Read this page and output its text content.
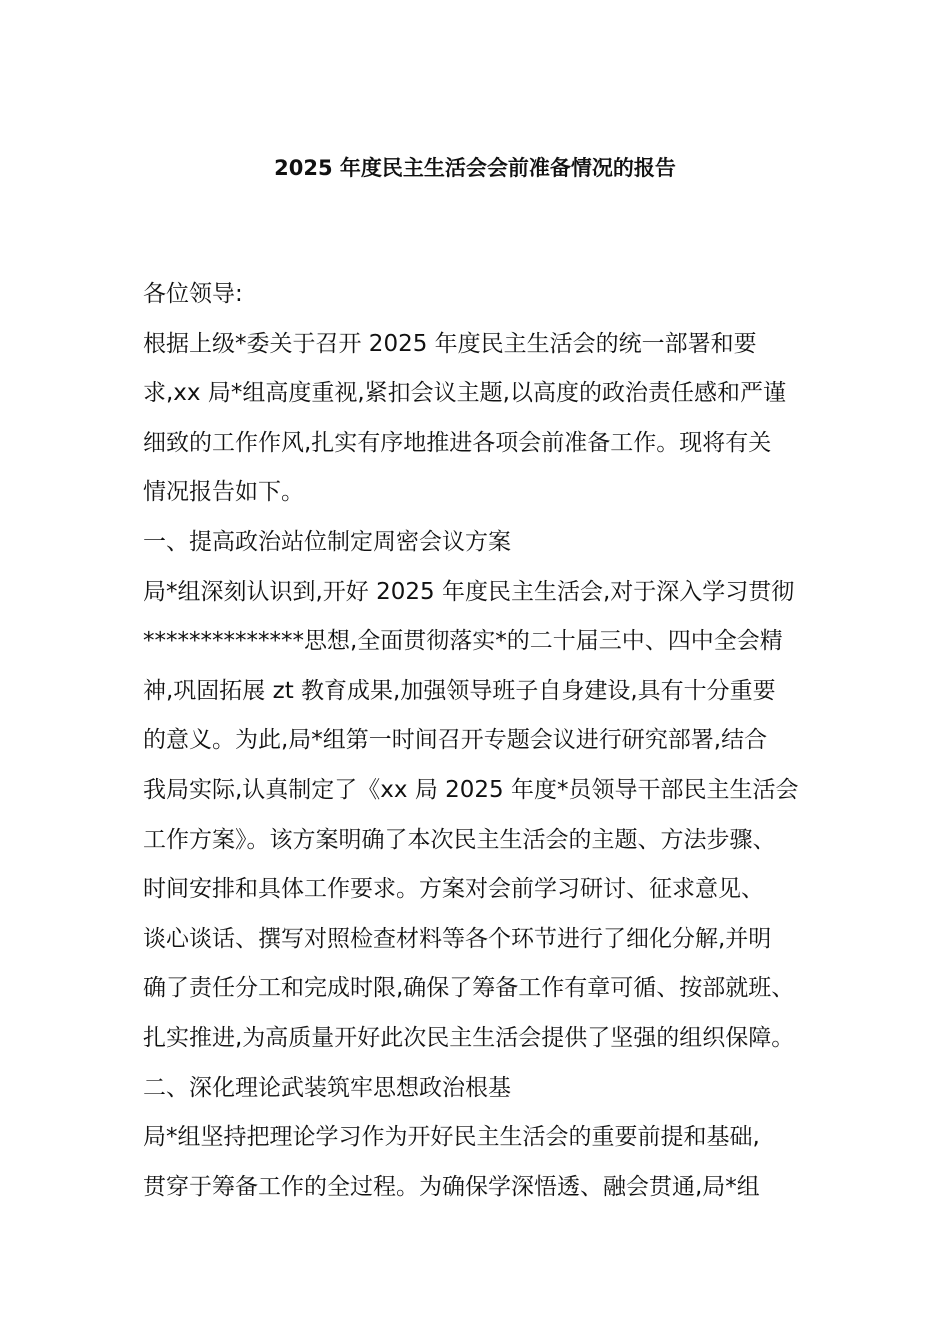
2025 年度民主生活会会前准备情况的报告
各位领导:
根据上级*委关于召开 2025 年度民主生活会的统一部署和要
求,xx 局*组高度重视,紧扣会议主题,以高度的政治责任感和严谨
细致的工作作风,扎实有序地推进各项会前准备工作。现将有关
情况报告如下。
一、提高政治站位制定周密会议方案
局*组深刻认识到,开好 2025 年度民主生活会,对于深入学习贯彻
**************思想,全面贯彻落实*的二十届三中、四中全会精
神,巩固拓展 zt 教育成果,加强领导班子自身建设,具有十分重要
的意义。为此,局*组第一时间召开专题会议进行研究部署,结合
我局实际,认真制定了《xx 局 2025 年度*员领导干部民主生活会
工作方案》。该方案明确了本次民主生活会的主题、方法步骤、
时间安排和具体工作要求。方案对会前学习研讨、征求意见、
谈心谈话、撰写对照检查材料等各个环节进行了细化分解,并明
确了责任分工和完成时限,确保了筹备工作有章可循、按部就班、
扎实推进,为高质量开好此次民主生活会提供了坚强的组织保障。
二、深化理论武装筑牢思想政治根基
局*组坚持把理论学习作为开好民主生活会的重要前提和基础,
贯穿于筹备工作的全过程。为确保学深悟透、融会贯通,局*组
